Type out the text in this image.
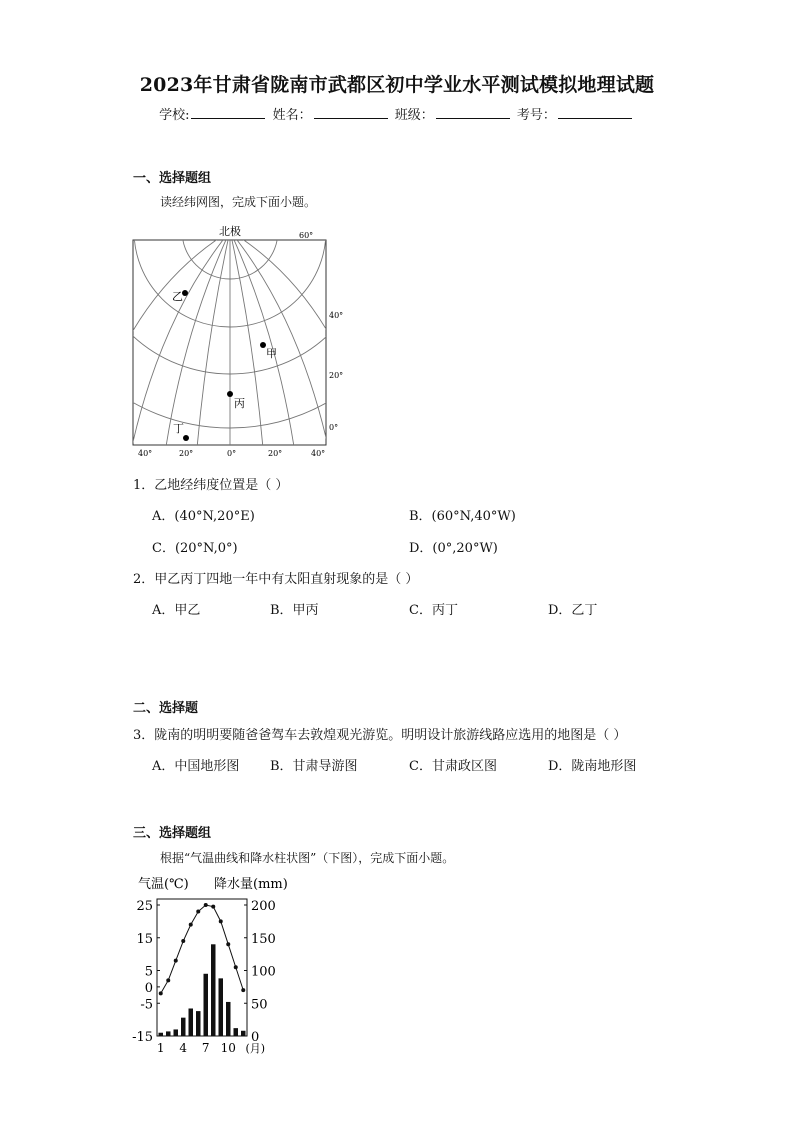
2023年甘肃省陇南市武都区初中学业水平测试模拟地理试题
学校:	姓名：	班级：	考号：
一、选择题组
读经纬网图，完成下面小题。
北极	60°
40°
20°
0°
40°	20°	0°	20°	40°
乙
甲
丙
丁
1．乙地经纬度位置是（ ）
A．(40°N,20°E)	B．(60°N,40°W)
C．(20°N,0°)	D．(0°,20°W)
2．甲乙丙丁四地一年中有太阳直射现象的是（ ）
A．甲乙	B．甲丙	C．丙丁	D．乙丁
二、选择题
3．陇南的明明要随爸爸驾车去敦煌观光游览。明明设计旅游线路应选用的地图是（ ）
A．中国地形图 B．甘肃导游图	C．甘肃政区图	D．陇南地形图
三、选择题组
根据“气温曲线和降水柱状图”（下图），完成下面小题。
气温(℃) 降水量(mm)
25
15
5
0
-5
-15
200
150
100
50
0
1 4 7 10 (月)
